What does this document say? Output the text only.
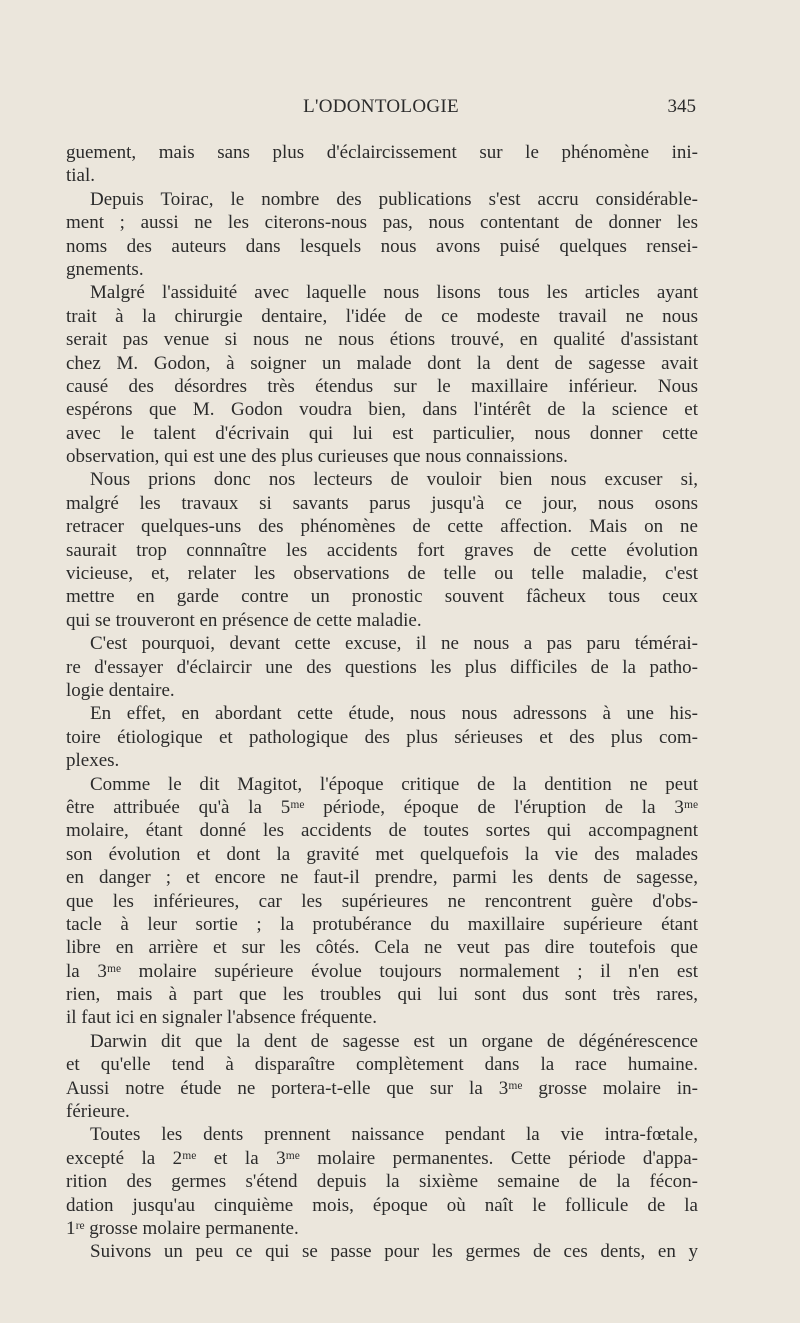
L'ODONTOLOGIE	345
guement, mais sans plus d'éclaircissement sur le phénomène ini-
tial.
Depuis Toirac, le nombre des publications s'est accru considérable-
ment ; aussi ne les citerons-nous pas, nous contentant de donner les
noms des auteurs dans lesquels nous avons puisé quelques rensei-
gnements.
Malgré l'assiduité avec laquelle nous lisons tous les articles ayant
trait à la chirurgie dentaire, l'idée de ce modeste travail ne nous
serait pas venue si nous ne nous étions trouvé, en qualité d'assistant
chez M. Godon, à soigner un malade dont la dent de sagesse avait
causé des désordres très étendus sur le maxillaire inférieur. Nous
espérons que M. Godon voudra bien, dans l'intérêt de la science et
avec le talent d'écrivain qui lui est particulier, nous donner cette
observation, qui est une des plus curieuses que nous connaissions.
Nous prions donc nos lecteurs de vouloir bien nous excuser si,
malgré les travaux si savants parus jusqu'à ce jour, nous osons
retracer quelques-uns des phénomènes de cette affection. Mais on ne
saurait trop connnaître les accidents fort graves de cette évolution
vicieuse, et, relater les observations de telle ou telle maladie, c'est
mettre en garde contre un pronostic souvent fâcheux tous ceux
qui se trouveront en présence de cette maladie.
C'est pourquoi, devant cette excuse, il ne nous a pas paru témérai-
re d'essayer d'éclaircir une des questions les plus difficiles de la patho-
logie dentaire.
En effet, en abordant cette étude, nous nous adressons à une his-
toire étiologique et pathologique des plus sérieuses et des plus com-
plexes.
Comme le dit Magitot, l'époque critique de la dentition ne peut
être attribuée qu'à la 5ᵐᵉ période, époque de l'éruption de la 3ᵐᵉ
molaire, étant donné les accidents de toutes sortes qui accompagnent
son évolution et dont la gravité met quelquefois la vie des malades
en danger ; et encore ne faut-il prendre, parmi les dents de sagesse,
que les inférieures, car les supérieures ne rencontrent guère d'obs-
tacle à leur sortie ; la protubérance du maxillaire supérieure étant
libre en arrière et sur les côtés. Cela ne veut pas dire toutefois que
la 3ᵐᵉ molaire supérieure évolue toujours normalement ; il n'en est
rien, mais à part que les troubles qui lui sont dus sont très rares,
il faut ici en signaler l'absence fréquente.
Darwin dit que la dent de sagesse est un organe de dégénérescence
et qu'elle tend à disparaître complètement dans la race humaine.
Aussi notre étude ne portera-t-elle que sur la 3ᵐᵉ grosse molaire in-
férieure.
Toutes les dents prennent naissance pendant la vie intra-fœtale,
excepté la 2ᵐᵉ et la 3ᵐᵉ molaire permanentes. Cette période d'appa-
rition des germes s'étend depuis la sixième semaine de la fécon-
dation jusqu'au cinquième mois, époque où naît le follicule de la
1ʳᵉ grosse molaire permanente.
Suivons un peu ce qui se passe pour les germes de ces dents, en y
